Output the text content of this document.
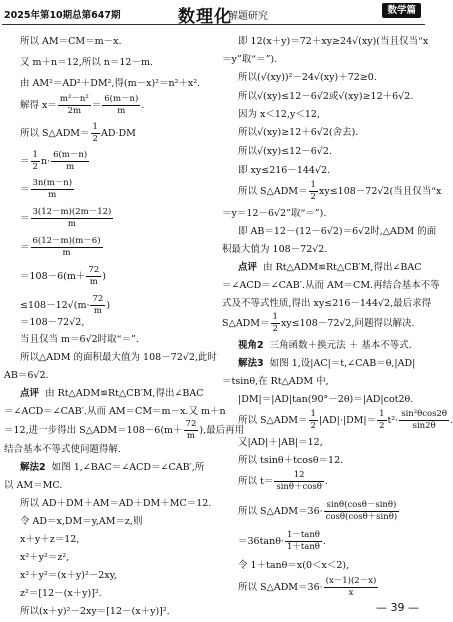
2025年第10期总第647期	数理化
解题研究
数学篇
所以 AM＝CM＝m－x.
又 m＋n＝12,所以 n＝12－m.
由 AM²＝AD²＋DM²,得(m－x)²＝n²＋x².
解得 $x= \frac{\text{m²－n²}}{2m} = \frac{6(m-n)}{m}$ .
所以 S△ADM＝ $\frac{1}{2} AD\cdot DM$
＝ $\frac{1}{2} n\cdot \frac{6(m-n)}{m}$
＝ $\frac{3n(m-n)}{m}$
＝ $\frac{3(12-m)(2m-12)}{m}$
＝ $\frac{6(12-m)(m-6)}{m}$
$=108-6(m+ \frac{72}{m}$ )
$\le 108-12√(m\cdot \frac{72}{m}$ )
＝108－72√2,
当且仅当 m＝6√2时取“＝”.
所以△ADM 的面积最大值为 108－72√2,此时
AB＝6√2.
点评 由 Rt△ADM≌Rt△CB′M,得出∠BAC
＝∠ACD＝∠CAB′.从而 AM＝CM＝m－x.又 m＋n
＝12,进一步得出 S△ADM＝108－6(m＋ $\frac{72}{m}$ ),最后再用
结合基本不等式使问题得解.
解法2 如图 1,∠BAC＝∠ACD＝∠CAB′,所
以 AM＝MC.
所以 AD＋DM＋AM＝AD＋DM＋MC＝12.
令 AD＝x,DM＝y,AM＝z,则
x＋y＋z＝12,
x²＋y²＝z²,
x²＋y²＝(x＋y)²－2xy,
z²＝[12－(x＋y)]².
所以(x＋y)²－2xy＝[12－(x＋y)]².
即 12(x＋y)＝72＋xy≥24√(xy)(当且仅当“x
＝y”取“＝”).
所以(√(xy))²－24√(xy)＋72≥0.
所以√(xy)≤12－6√2或√(xy)≥12＋6√2.
因为 x＜12,y＜12,
所以√(xy)≥12＋6√2(舍去).
所以√(xy)≤12－6√2.
即 xy≤216－144√2.
所以 S△ADM＝ $\frac{1}{2} xy\le 108-72√2$(当且仅当“x
＝y＝12－6√2”取“＝”).
即 AB＝12－(12－6√2)＝6√2时,△ADM 的面
积最大值为 108－72√2.
点评 由 Rt△ADM≌Rt△CB′M,得出∠BAC
＝∠ACD＝∠CAB′.从而 AM＝CM.再结合基本不等
式及不等式性质,得出 xy≤216－144√2,最后求得
S△ADM＝ $\frac{1}{2} xy\le 108-72√2$,问题得以解决.
视角2 三角函数＋换元法 ＋ 基本不等式.
解法3 如图 1,设|AC|＝t,∠CAB＝θ,|AD|
＝tsinθ,在 Rt△ADM 中,
|DM|＝|AD|tan(90°－2θ)＝|AD|cot2θ.
所以 S△ADM＝ $\frac{1}{2} |AD|\cdot|DM|= \frac{1}{2} t^2\cdot \frac{\text{sin²θcos2θ}}{\sin 2\theta}$ .
又|AD|＋|AB|＝12,
所以 tsinθ＋tcosθ＝12.
所以 $t= \frac{12}{\sin\theta+\cos\theta}$ .
所以 S△ADM＝36· $\frac{\sin\theta(\cos\theta-\sin\theta)}{\cos\theta(\cos\theta+\sin\theta)}$
$=36\tan\theta\cdot \frac{1-\tan\theta}{1+\tan\theta}$ .
令 1＋tanθ＝x(0＜x＜2),
所以 S△ADM＝36· $\frac{(x-1)(2-x)}{x}$
— 39 —
